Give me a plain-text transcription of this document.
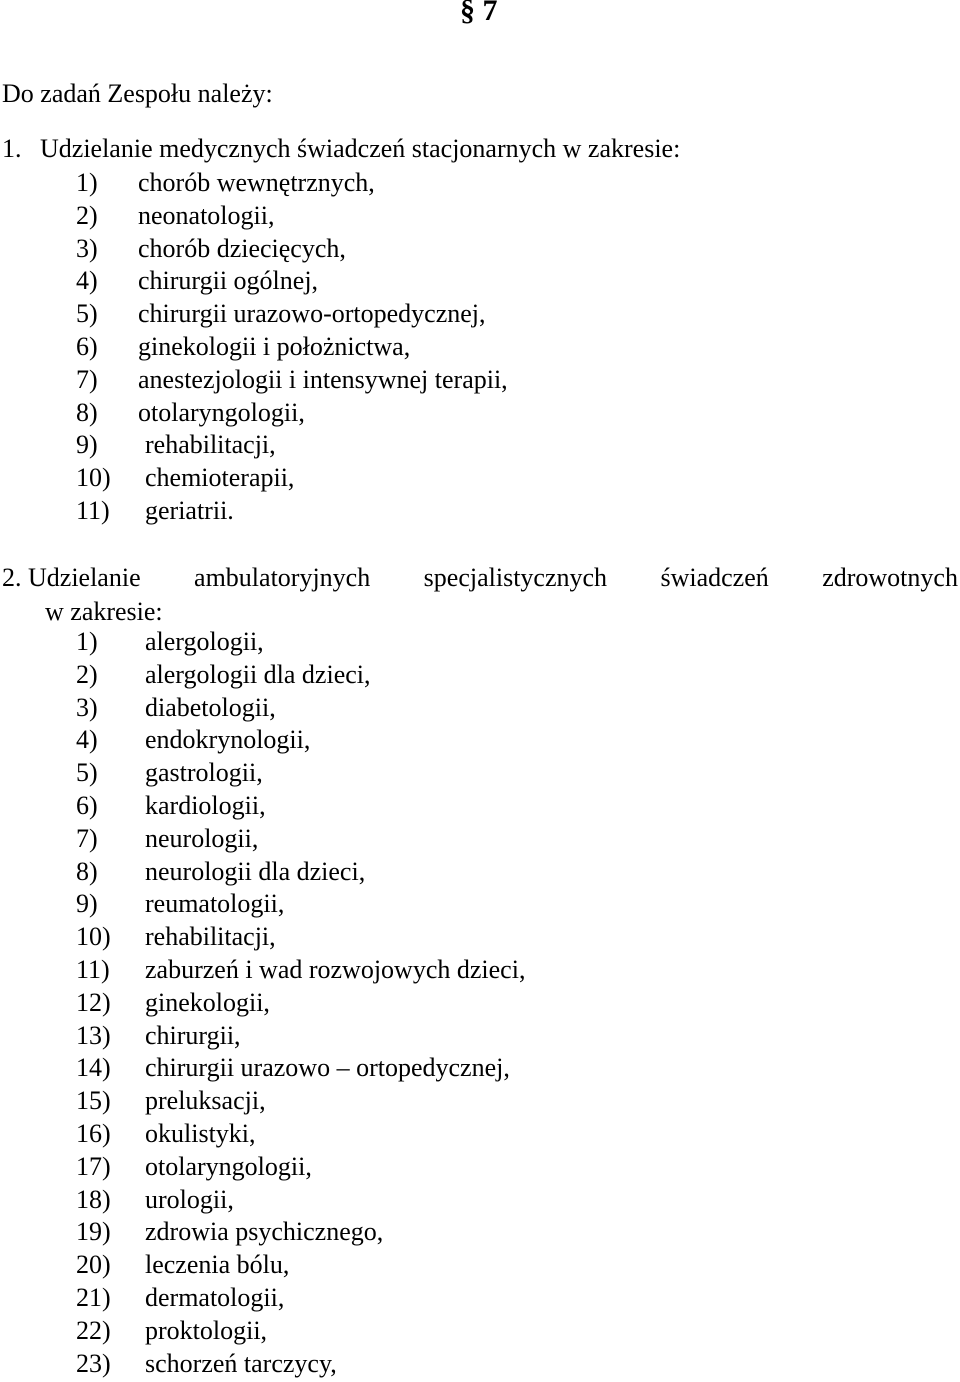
§ 7
Do zadań Zespołu należy:
1. Udzielanie medycznych świadczeń stacjonarnych w zakresie:
1) chorób wewnętrznych,
2) neonatologii,
3) chorób dziecięcych,
4) chirurgii ogólnej,
5) chirurgii urazowo-ortopedycznej,
6) ginekologii i położnictwa,
7) anestezjologii i intensywnej terapii,
8) otolaryngologii,
9) rehabilitacji,
10) chemioterapii,
11) geriatrii.
2. Udzielanie ambulatoryjnych specjalistycznych świadczeń zdrowotnych
w zakresie:
1) alergologii,
2) alergologii dla dzieci,
3) diabetologii,
4) endokrynologii,
5) gastrologii,
6) kardiologii,
7) neurologii,
8) neurologii dla dzieci,
9) reumatologii,
10) rehabilitacji,
11) zaburzeń i wad rozwojowych dzieci,
12) ginekologii,
13) chirurgii,
14) chirurgii urazowo – ortopedycznej,
15) preluksacji,
16) okulistyki,
17) otolaryngologii,
18) urologii,
19) zdrowia psychicznego,
20) leczenia bólu,
21) dermatologii,
22) proktologii,
23) schorzeń tarczycy,
